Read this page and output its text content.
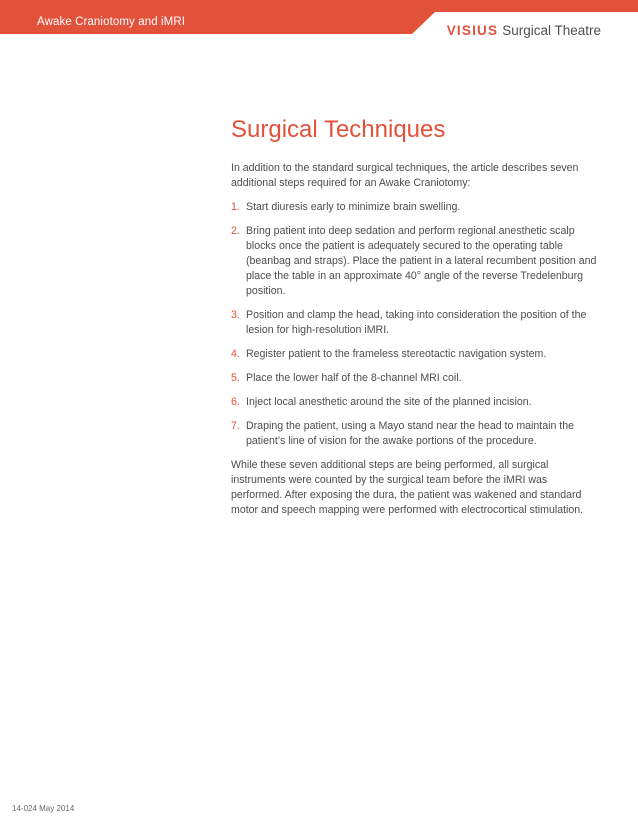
Awake Craniotomy and iMRI
VISIUS Surgical Theatre
Surgical Techniques

In addition to the standard surgical techniques, the article describes seven additional steps required for an Awake Craniotomy:

1. Start diuresis early to minimize brain swelling.
2. Bring patient into deep sedation and perform regional anesthetic scalp blocks once the patient is adequately secured to the operating table (beanbag and straps). Place the patient in a lateral recumbent position and place the table in an approximate 40° angle of the reverse Tredelenburg position.
3. Position and clamp the head, taking into consideration the position of the lesion for high-resolution iMRI.
4. Register patient to the frameless stereotactic navigation system.
5. Place the lower half of the 8-channel MRI coil.
6. Inject local anesthetic around the site of the planned incision.
7. Draping the patient, using a Mayo stand near the head to maintain the patient’s line of vision for the awake portions of the procedure.

While these seven additional steps are being performed, all surgical instruments were counted by the surgical team before the iMRI was performed. After exposing the dura, the patient was wakened and standard motor and speech mapping were performed with electrocortical stimulation.

14-024 May 2014
